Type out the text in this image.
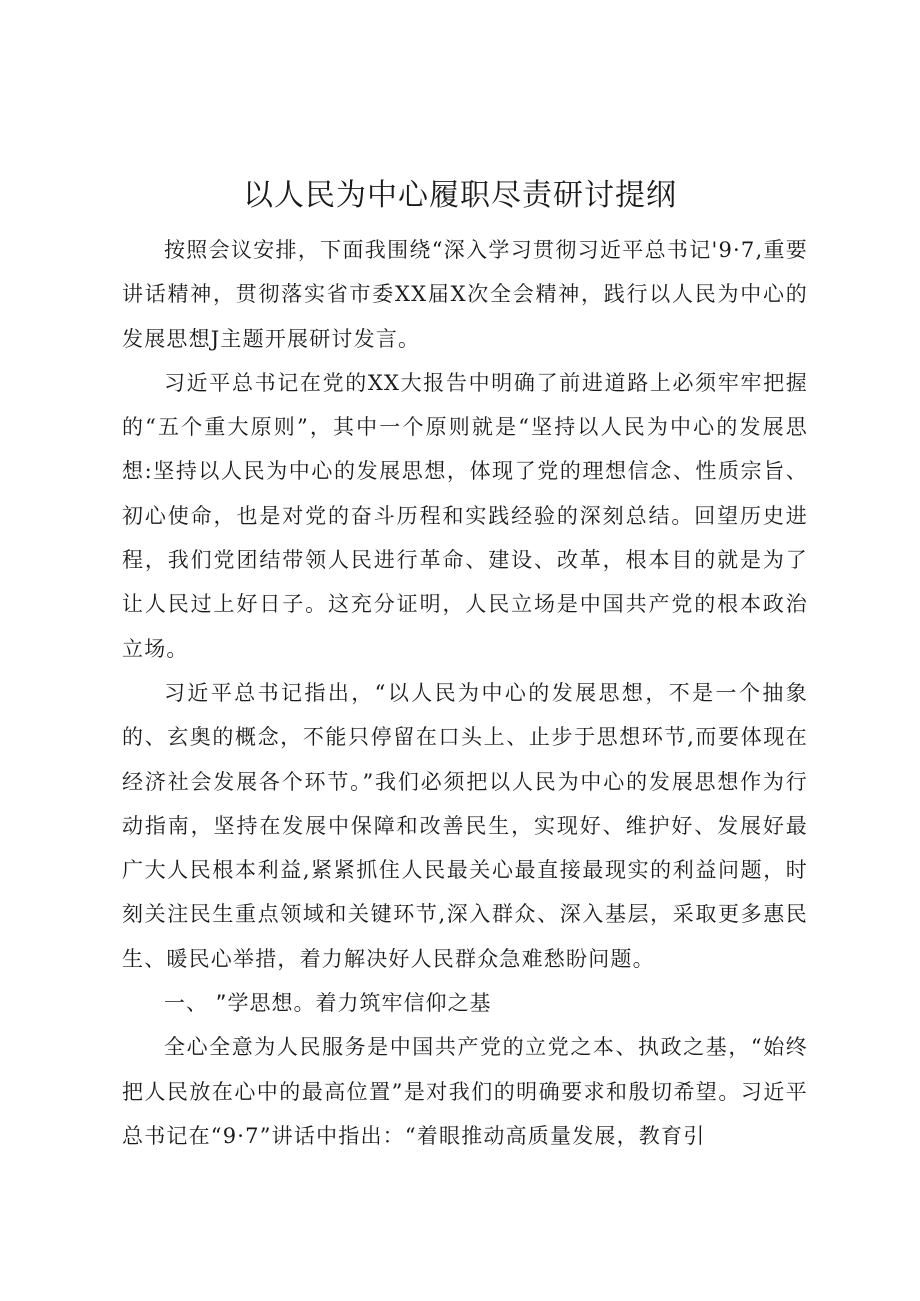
以人民为中心履职尽责研讨提纲

按照会议安排，下面我围绕“深入学习贯彻习近平总书记'9·7,重要讲话精神，贯彻落实省市委XX届X次全会精神，践行以人民为中心的发展思想J主题开展研讨发言。

习近平总书记在党的XX大报告中明确了前进道路上必须牢牢把握的“五个重大原则”，其中一个原则就是“坚持以人民为中心的发展思想:坚持以人民为中心的发展思想，体现了党的理想信念、性质宗旨、初心使命，也是对党的奋斗历程和实践经验的深刻总结。回望历史进程，我们党团结带领人民进行革命、建设、改革，根本目的就是为了让人民过上好日子。这充分证明，人民立场是中国共产党的根本政治立场。

习近平总书记指出，“以人民为中心的发展思想，不是一个抽象的、玄奥的概念，不能只停留在口头上、止步于思想环节,而要体现在经济社会发展各个环节。”我们必须把以人民为中心的发展思想作为行动指南，坚持在发展中保障和改善民生，实现好、维护好、发展好最广大人民根本利益,紧紧抓住人民最关心最直接最现实的利益问题，时刻关注民生重点领域和关键环节,深入群众、深入基层，采取更多惠民生、暖民心举措，着力解决好人民群众急难愁盼问题。

一、 ”学思想。着力筑牢信仰之基

全心全意为人民服务是中国共产党的立党之本、执政之基，“始终把人民放在心中的最高位置”是对我们的明确要求和殷切希望。习近平总书记在“9·7”讲话中指出：“着眼推动高质量发展，教育引
